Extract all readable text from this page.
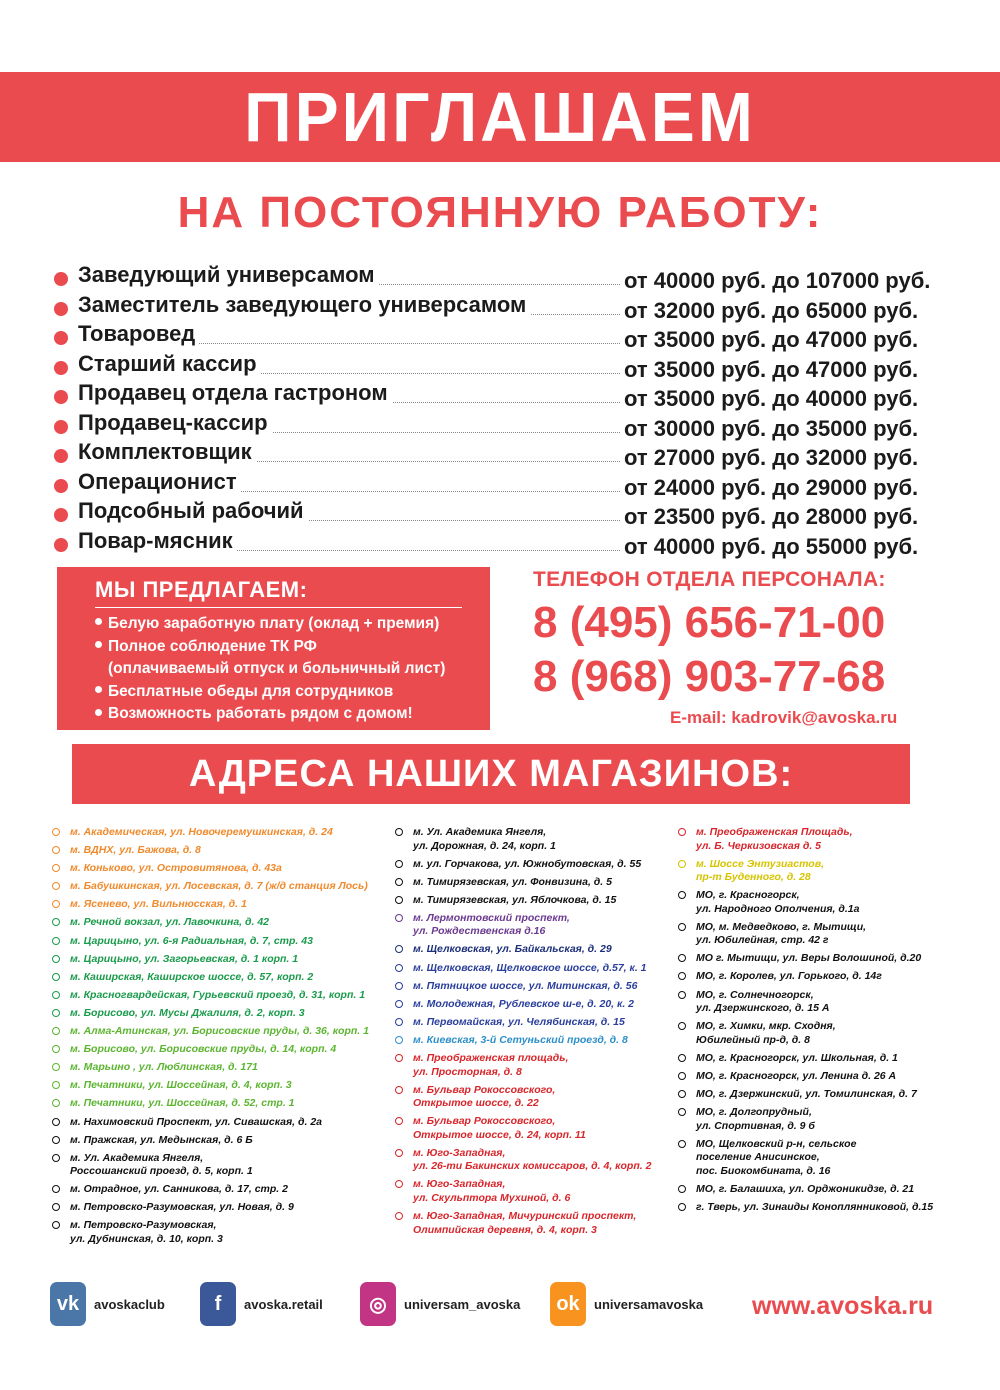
ПРИГЛАШАЕМ
НА ПОСТОЯННУЮ РАБОТУ:
Заведующий универсамом	от 40000 руб. до 107000 руб.
Заместитель заведующего универсамом	от 32000 руб. до 65000 руб.
Товаровед	от 35000 руб. до 47000 руб.
Старший кассир	от 35000 руб. до 47000 руб.
Продавец отдела гастроном	от 35000 руб. до 40000 руб.
Продавец-кассир	от 30000 руб. до 35000 руб.
Комплектовщик	от 27000 руб. до 32000 руб.
Операционист	от 24000 руб. до 29000 руб.
Подсобный рабочий	от 23500 руб. до 28000 руб.
Повар-мясник	от 40000 руб. до 55000 руб.
МЫ ПРЕДЛАГАЕМ:
Белую заработную плату (оклад + премия)
Полное соблюдение ТК РФ
(оплачиваемый отпуск и больничный лист)
Бесплатные обеды для сотрудников
Возможность работать рядом с домом!
ТЕЛЕФОН ОТДЕЛА ПЕРСОНАЛА:
8 (495) 656-71-00
8 (968) 903-77-68
E-mail: kadrovik@avoska.ru
АДРЕСА НАШИХ МАГАЗИНОВ:
м. Академическая, ул. Новочеремушкинская, д. 24
м. ВДНХ, ул. Бажова, д. 8
м. Коньково, ул. Островитянова, д. 43а
м. Бабушкинская, ул. Лосевская, д. 7 (ж/д станция Лось)
м. Ясенево, ул. Вильнюсская, д. 1
м. Речной вокзал, ул. Лавочкина, д. 42
м. Царицыно, ул. 6-я Радиальная, д. 7, стр. 43
м. Царицыно, ул. Загорьевская, д. 1 корп. 1
м. Каширская, Каширское шоссе, д. 57, корп. 2
м. Красногвардейская, Гурьевский проезд, д. 31, корп. 1
м. Борисово, ул. Мусы Джалиля, д. 2, корп. 3
м. Алма-Атинская, ул. Борисовские пруды, д. 36, корп. 1
м. Борисово, ул. Борисовские пруды, д. 14, корп. 4
м. Марьино , ул. Люблинская, д. 171
м. Печатники, ул. Шоссейная, д. 4, корп. 3
м. Печатники, ул. Шоссейная, д. 52, стр. 1
м. Нахимовский Проспект, ул. Сивашская, д. 2а
м. Пражская, ул. Медынская, д. 6 Б
м. Ул. Академика Янгеля,
Россошанский проезд, д. 5, корп. 1
м. Отрадное, ул. Санникова, д. 17, стр. 2
м. Петровско-Разумовская, ул. Новая, д. 9
м. Петровско-Разумовская,
ул. Дубнинская, д. 10, корп. 3
м. Ул. Академика Янгеля,
ул. Дорожная, д. 24, корп. 1
м. ул. Горчакова, ул. Южнобутовская, д. 55
м. Тимирязевская, ул. Фонвизина, д. 5
м. Тимирязевская, ул. Яблочкова, д. 15
м. Лермонтовский проспект,
ул. Рождественская д.16
м. Щелковская, ул. Байкальская, д. 29
м. Щелковская, Щелковское шоссе, д.57, к. 1
м. Пятницкое шоссе, ул. Митинская, д. 56
м. Молодежная, Рублевское ш-е, д. 20, к. 2
м. Первомайская, ул. Челябинская, д. 15
м. Киевская, 3-й Сетуньский проезд, д. 8
м. Преображенская площадь,
ул. Просторная, д. 8
м. Бульвар Рокоссовского,
Открытое шоссе, д. 22
м. Бульвар Рокоссовского,
Открытое шоссе, д. 24, корп. 11
м. Юго-Западная,
ул. 26-ти Бакинских комиссаров, д. 4, корп. 2
м. Юго-Западная,
ул. Скульптора Мухиной, д. 6
м. Юго-Западная, Мичуринский проспект,
Олимпийская деревня, д. 4, корп. 3
м. Преображенская Площадь,
ул. Б. Черкизовская д. 5
м. Шоссе Энтузиастов,
пр-т Буденного, д. 28
МО, г. Красногорск,
ул. Народного Ополчения, д.1а
МО, м. Медведково, г. Мытищи,
ул. Юбилейная, стр. 42 г
МО г. Мытищи, ул. Веры Волошиной, д.20
МО, г. Королев, ул. Горького, д. 14г
МО, г. Солнечногорск,
ул. Дзержинского, д. 15 А
МО, г. Химки, мкр. Сходня,
Юбилейный пр-д, д. 8
МО, г. Красногорск, ул. Школьная, д. 1
МО, г. Красногорск, ул. Ленина д. 26 А
МО, г. Дзержинский, ул. Томилинская, д. 7
МО, г. Долгопрудный,
ул. Спортивная, д. 9 б
МО, Щелковский р-н, сельское
поселение Анисинское,
пос. Биокомбината, д. 16
МО, г. Балашиха, ул. Орджоникидзе, д. 21
г. Тверь, ул. Зинаиды Коноплянниковой, д.15
vk	avoskaclub	f	avoska.retail	◎	universam_avoska	ok	universamavoska www.avoska.ru
